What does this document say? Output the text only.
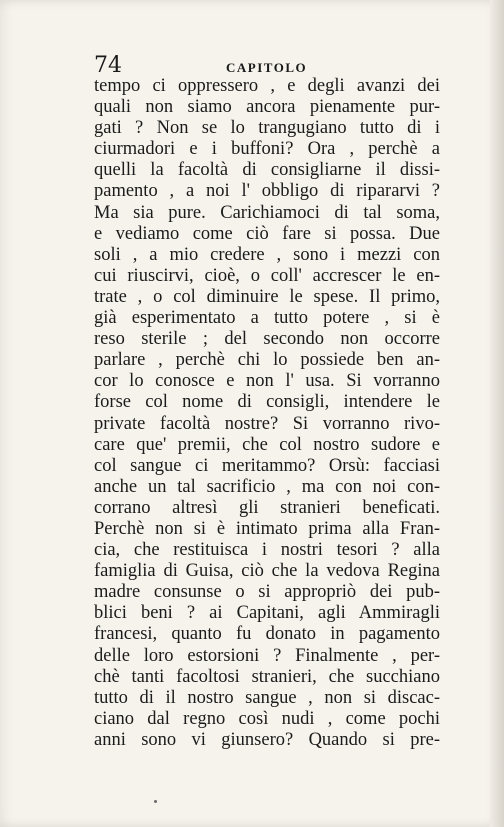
74	CAPITOLO
tempo ci oppressero , e degli avanzi dei
quali non siamo ancora pienamente pur-
gati ? Non se lo trangugiano tutto di i
ciurmadori e i buffoni? Ora , perchè a
quelli la facoltà di consigliarne il dissi-
pamento , a noi l' obbligo di ripararvi ?
Ma sia pure. Carichiamoci di tal soma,
e vediamo come ciò fare si possa. Due
soli , a mio credere , sono i mezzi con
cui riuscirvi, cioè, o coll' accrescer le en-
trate , o col diminuire le spese. Il primo,
già esperimentato a tutto potere , si è
reso sterile ; del secondo non occorre
parlare , perchè chi lo possiede ben an-
cor lo conosce e non l' usa. Si vorranno
forse col nome di consigli, intendere le
private facoltà nostre? Si vorranno rivo-
care que' premii, che col nostro sudore e
col sangue ci meritammo? Orsù: facciasi
anche un tal sacrificio , ma con noi con-
corrano altresì gli stranieri beneficati.
Perchè non si è intimato prima alla Fran-
cia, che restituisca i nostri tesori ? alla
famiglia di Guisa, ciò che la vedova Regina
madre consunse o si appropriò dei pub-
blici beni ? ai Capitani, agli Ammiragli
francesi, quanto fu donato in pagamento
delle loro estorsioni ? Finalmente , per-
chè tanti facoltosi stranieri, che succhiano
tutto di il nostro sangue , non si discac-
ciano dal regno così nudi , come pochi
anni sono vi giunsero? Quando si pre-
